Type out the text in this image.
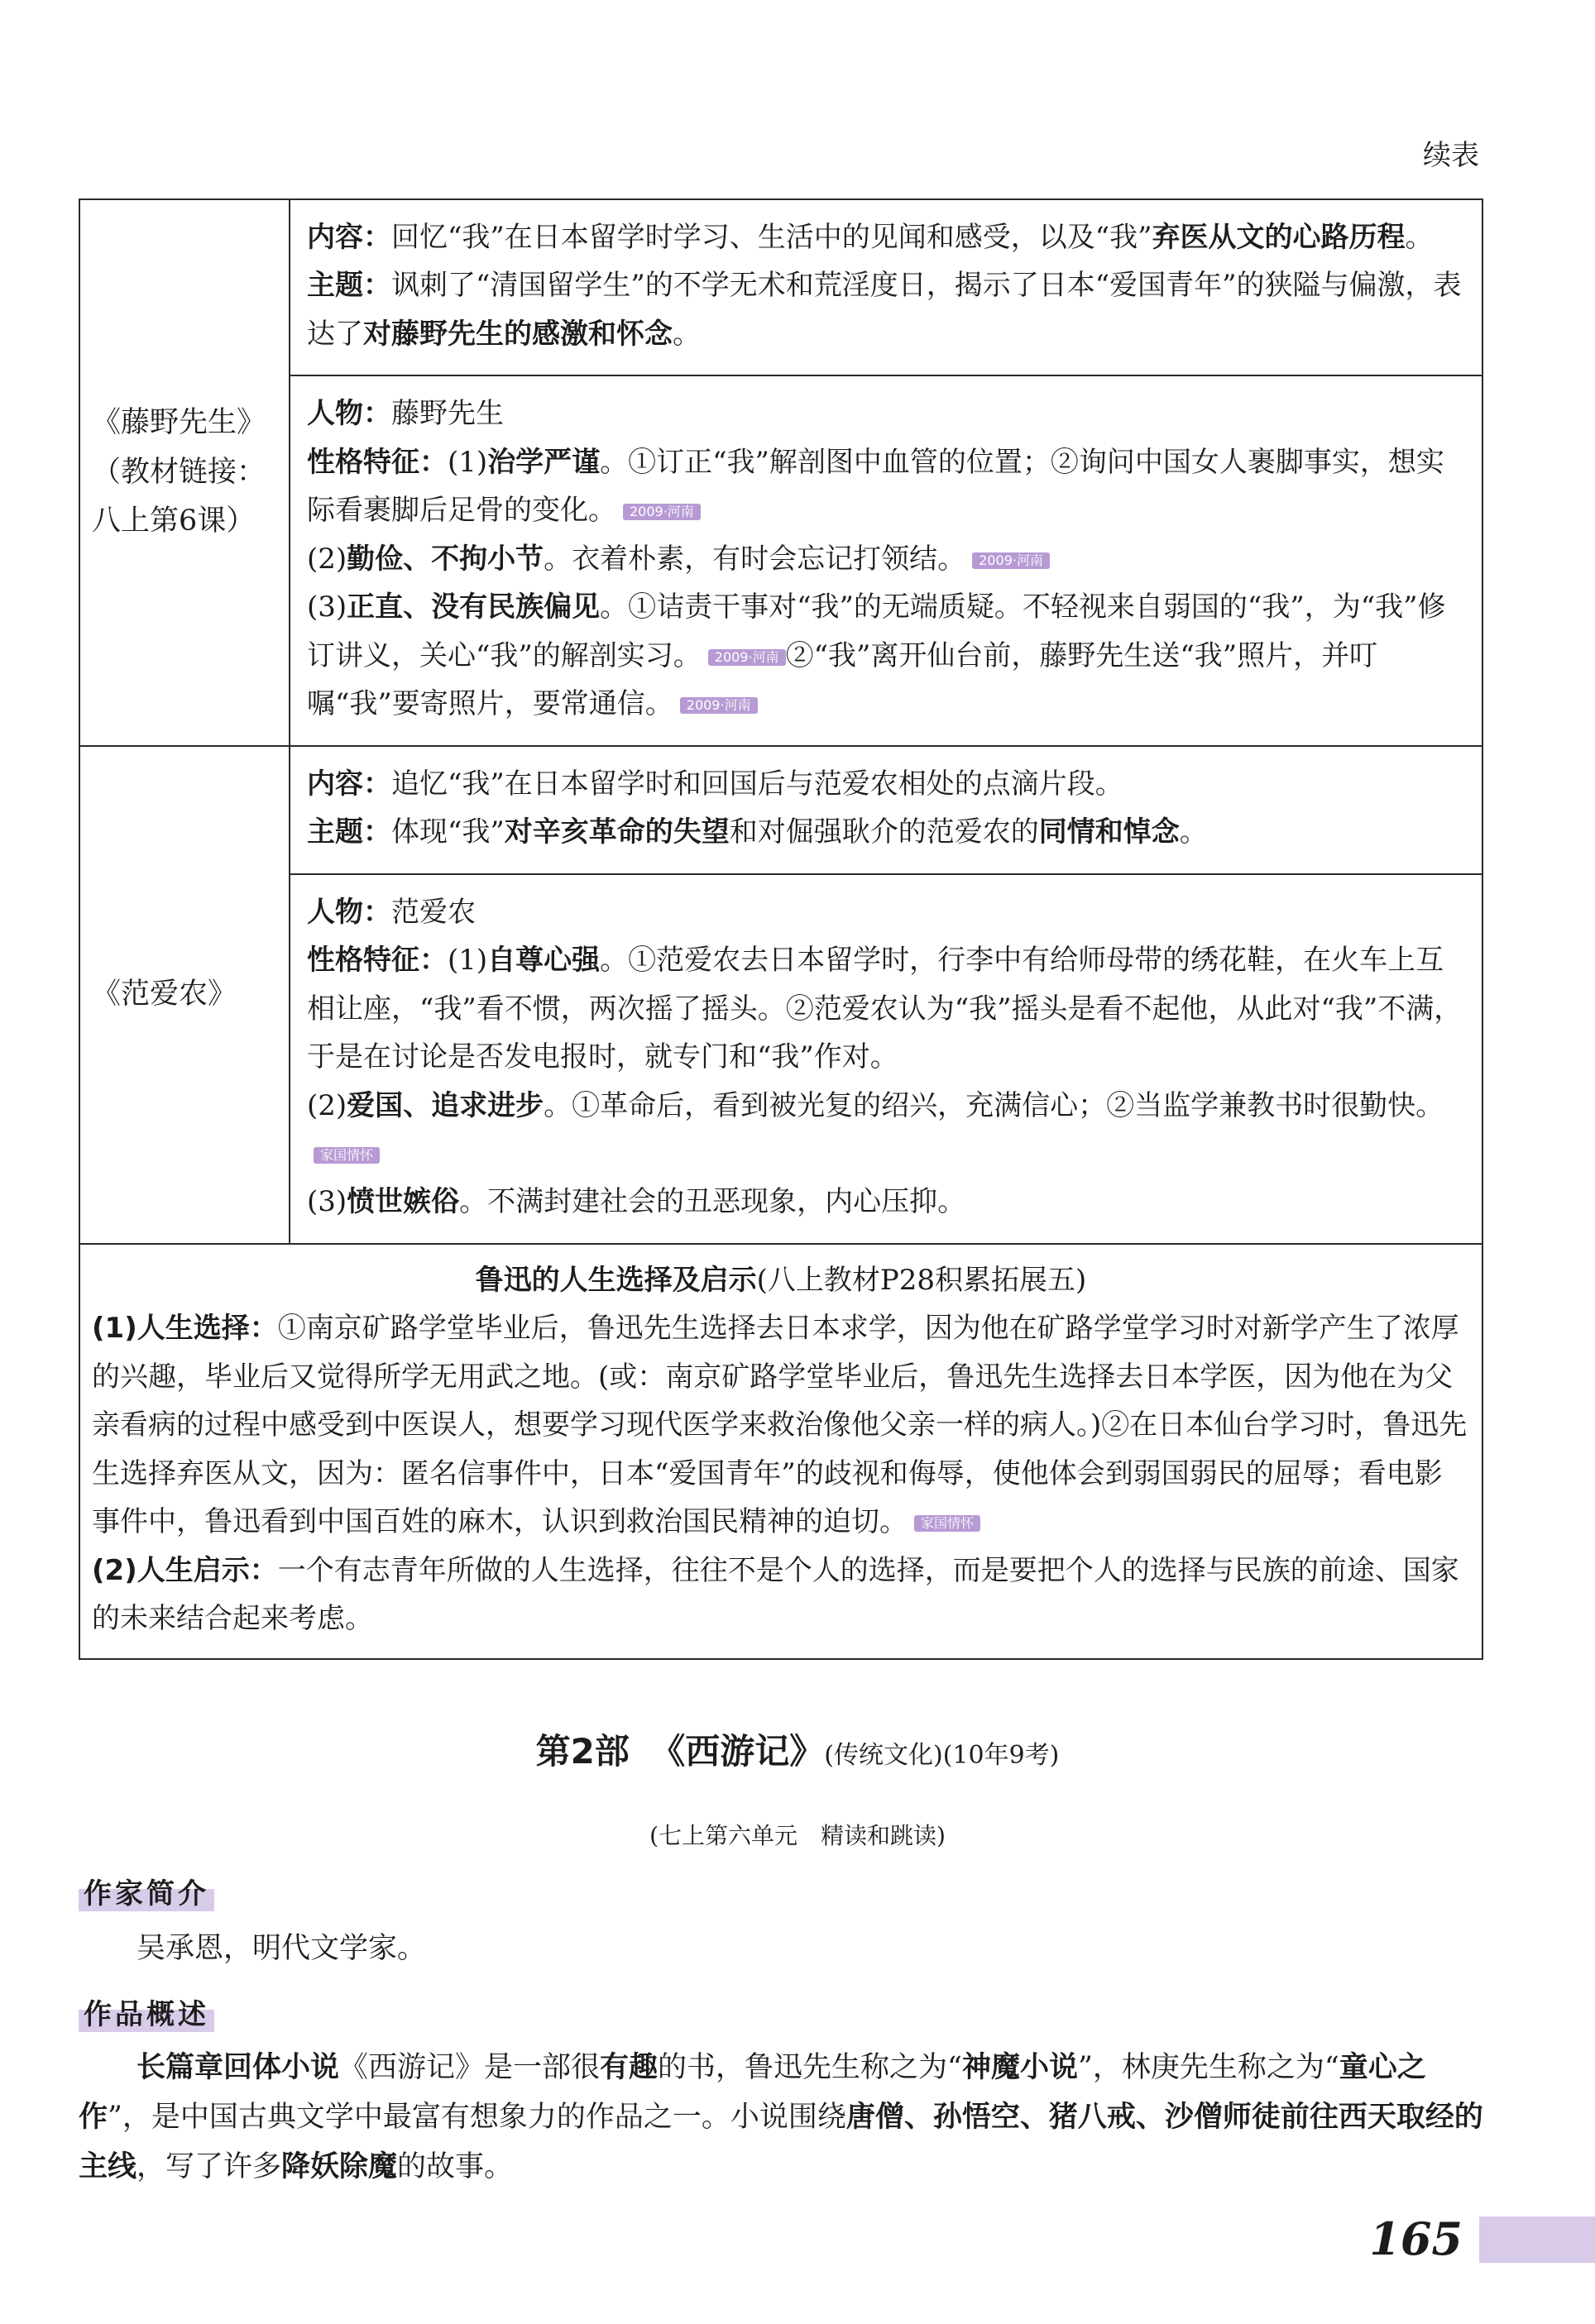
续表
《藤野先生》（教材链接：八上第6课）
内容：回忆“我”在日本留学时学习、生活中的见闻和感受，以及“我”弃医从文的心路历程。
主题：讽刺了“清国留学生”的不学无术和荒淫度日，揭示了日本“爱国青年”的狭隘与偏激，表达了对藤野先生的感激和怀念。
人物：藤野先生
性格特征：(1)治学严谨。①订正“我”解剖图中血管的位置；②询问中国女人裹脚事实，想实际看裹脚后足骨的变化。 2009·河南
(2)勤俭、不拘小节。衣着朴素，有时会忘记打领结。 2009·河南
(3)正直、没有民族偏见。①诘责干事对“我”的无端质疑。不轻视来自弱国的“我”，为“我”修订讲义，关心“我”的解剖实习。 2009·河南 ②“我”离开仙台前，藤野先生送“我”照片，并叮嘱“我”要寄照片，要常通信。 2009·河南
《范爱农》
内容：追忆“我”在日本留学时和回国后与范爱农相处的点滴片段。
主题：体现“我”对辛亥革命的失望和对倔强耿介的范爱农的同情和悼念。
人物：范爱农
性格特征：(1)自尊心强。①范爱农去日本留学时，行李中有给师母带的绣花鞋，在火车上互相让座，“我”看不惯，两次摇了摇头。②范爱农认为“我”摇头是看不起他，从此对“我”不满，于是在讨论是否发电报时，就专门和“我”作对。
(2)爱国、追求进步。①革命后，看到被光复的绍兴，充满信心；②当监学兼教书时很勤快。家国情怀
(3)愤世嫉俗。不满封建社会的丑恶现象，内心压抑。
鲁迅的人生选择及启示(八上教材P28积累拓展五)
(1)人生选择：①南京矿路学堂毕业后，鲁迅先生选择去日本求学，因为他在矿路学堂学习时对新学产生了浓厚的兴趣，毕业后又觉得所学无用武之地。(或：南京矿路学堂毕业后，鲁迅先生选择去日本学医，因为他在为父亲看病的过程中感受到中医误人，想要学习现代医学来救治像他父亲一样的病人。)②在日本仙台学习时，鲁迅先生选择弃医从文，因为：匿名信事件中，日本“爱国青年”的歧视和侮辱，使他体会到弱国弱民的屈辱；看电影事件中，鲁迅看到中国百姓的麻木，认识到救治国民精神的迫切。 家国情怀
(2)人生启示：一个有志青年所做的人生选择，往往不是个人的选择，而是要把个人的选择与民族的前途、国家的未来结合起来考虑。
第2部 《西游记》(传统文化)(10年9考)
(七上第六单元　精读和跳读)
作家简介
吴承恩，明代文学家。
作品概述
长篇章回体小说《西游记》是一部很有趣的书，鲁迅先生称之为“神魔小说”，林庚先生称之为“童心之作”，是中国古典文学中最富有想象力的作品之一。小说围绕唐僧、孙悟空、猪八戒、沙僧师徒前往西天取经的主线，写了许多降妖除魔的故事。
165
